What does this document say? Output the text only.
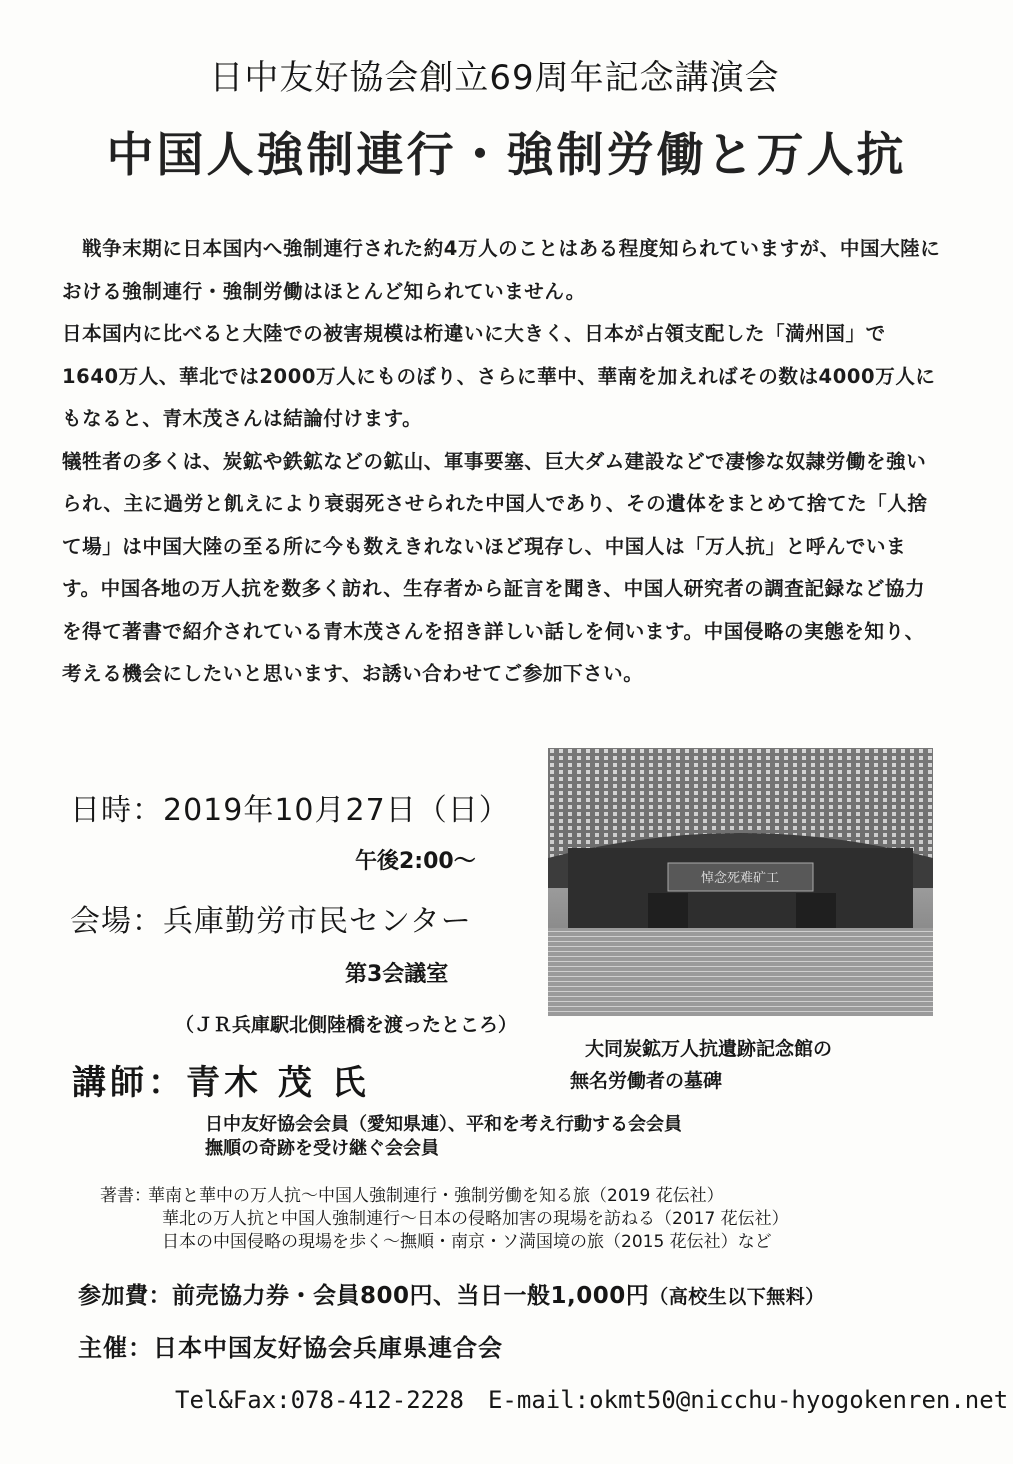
日中友好協会創立69周年記念講演会
中国人強制連行・強制労働と万人抗

戦争末期に日本国内へ強制連行された約4万人のことはある程度知られていますが、中国大陸における強制連行・強制労働はほとんど知られていません。

日本国内に比べると大陸での被害規模は桁違いに大きく、日本が占領支配した「満州国」で1640万人、華北では2000万人にものぼり、さらに華中、華南を加えればその数は4000万人にもなると、青木茂さんは結論付けます。

犠牲者の多くは、炭鉱や鉄鉱などの鉱山、軍事要塞、巨大ダム建設などで凄惨な奴隷労働を強いられ、主に過労と飢えにより衰弱死させられた中国人であり、その遺体をまとめて捨てた「人捨て場」は中国大陸の至る所に今も数えきれないほど現存し、中国人は「万人抗」と呼んでいます。中国各地の万人抗を数多く訪れ、生存者から証言を聞き、中国人研究者の調査記録など協力を得て著書で紹介されている青木茂さんを招き詳しい話しを伺います。中国侵略の実態を知り、考える機会にしたいと思います、お誘い合わせてご参加下さい。

悼念死难矿工
大同炭鉱万人抗遺跡記念館の
無名労働者の墓碑
日時：2019年10月27日（日）
午後2:00～
会場：兵庫勤労市民センター
第3会議室
（ＪＲ兵庫駅北側陸橋を渡ったところ）
講師：青木 茂 氏
日中友好協会会員（愛知県連）、平和を考え行動する会会員
撫順の奇跡を受け継ぐ会会員
著書：
華南と華中の万人抗～中国人強制連行・強制労働を知る旅（2019 花伝社）
華北の万人抗と中国人強制連行～日本の侵略加害の現場を訪ねる（2017 花伝社）
日本の中国侵略の現場を歩く～撫順・南京・ソ満国境の旅（2015 花伝社）など
参加費：前売協力券・会員800円、当日一般1,000円（高校生以下無料）
主催：日本中国友好協会兵庫県連合会
Tel&Fax:078-412-2228　E-mail:okmt50@nicchu-hyogokenren.net
